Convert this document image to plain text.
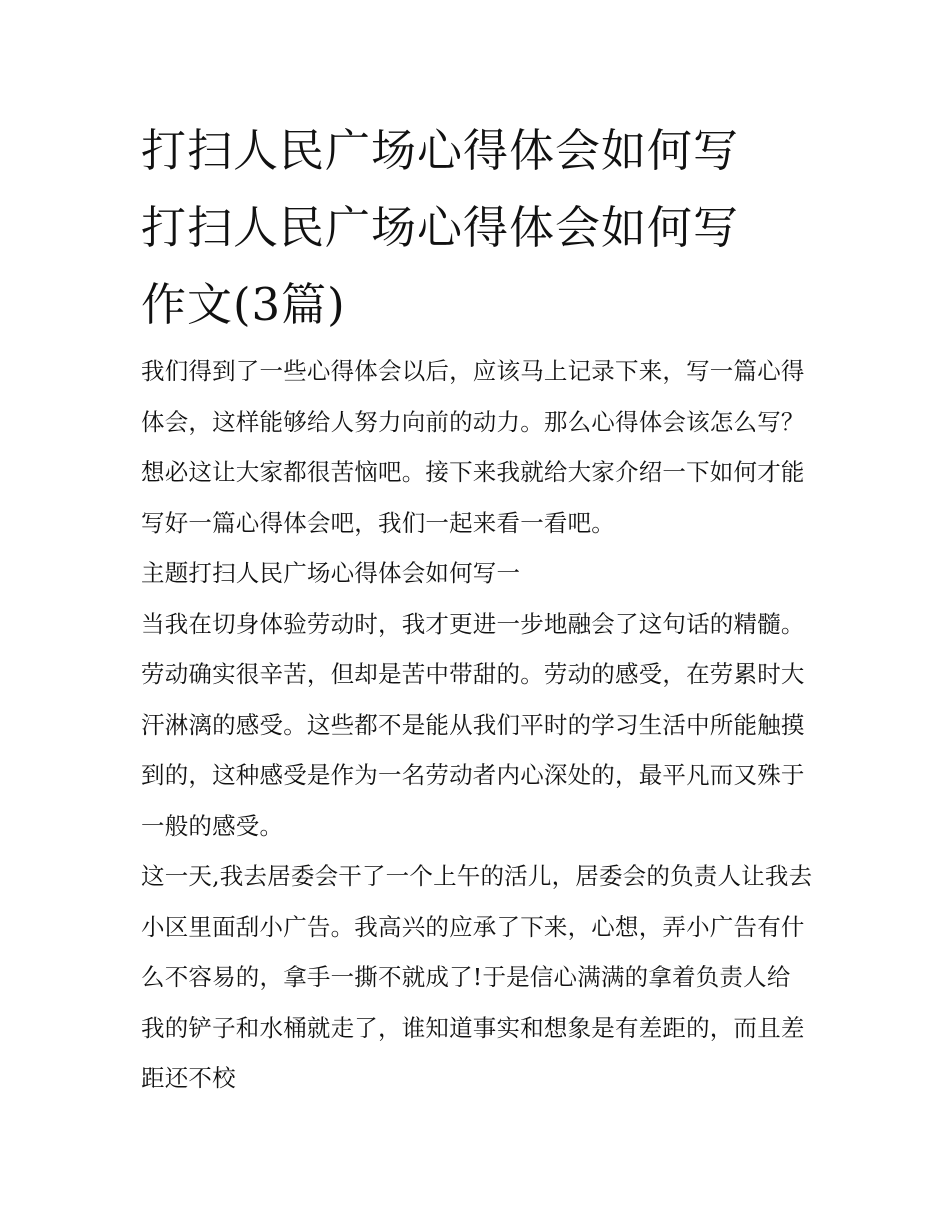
打扫人民广场心得体会如何写
打扫人民广场心得体会如何写
作文(3篇)

我们得到了一些心得体会以后，应该马上记录下来，写一篇心得体会，这样能够给人努力向前的动力。那么心得体会该怎么写？想必这让大家都很苦恼吧。接下来我就给大家介绍一下如何才能写好一篇心得体会吧，我们一起来看一看吧。

主题打扫人民广场心得体会如何写一

当我在切身体验劳动时，我才更进一步地融会了这句话的精髓。劳动确实很辛苦，但却是苦中带甜的。劳动的感受，在劳累时大汗淋漓的感受。这些都不是能从我们平时的学习生活中所能触摸到的，这种感受是作为一名劳动者内心深处的，最平凡而又殊于一般的感受。

这一天,我去居委会干了一个上午的活儿，居委会的负责人让我去小区里面刮小广告。我高兴的应承了下来，心想，弄小广告有什么不容易的，拿手一撕不就成了!于是信心满满的拿着负责人给我的铲子和水桶就走了，谁知道事实和想象是有差距的，而且差距还不校
